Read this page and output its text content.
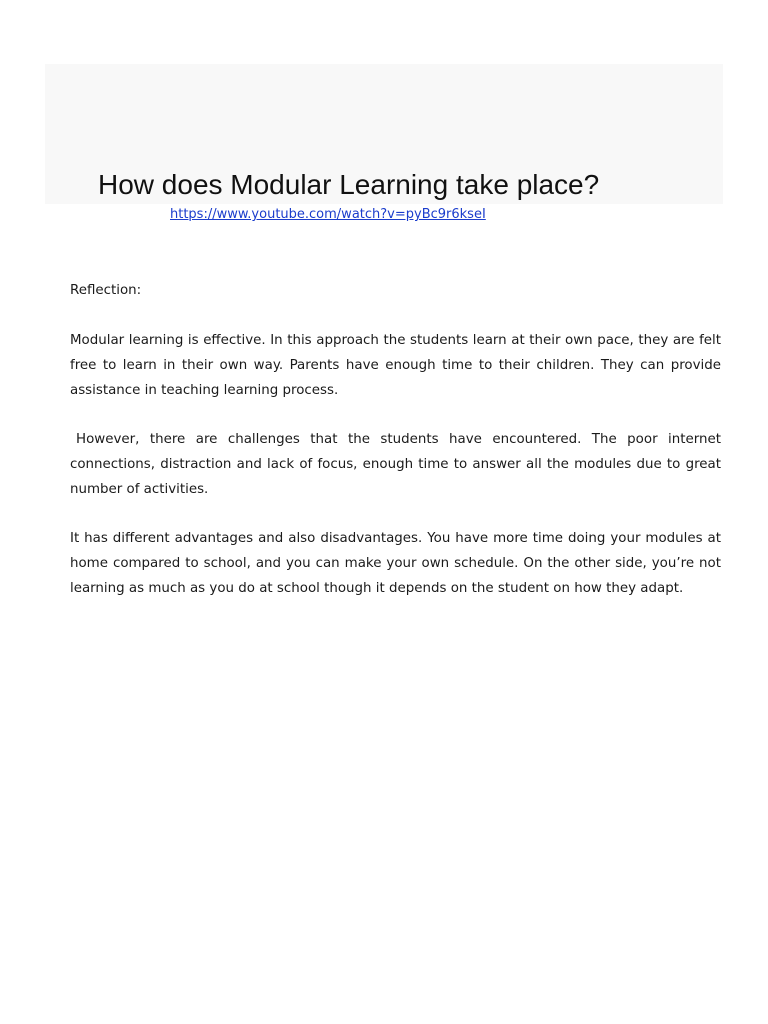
How does Modular Learning take place?
https://www.youtube.com/watch?v=pyBc9r6kseI

Reflection:

Modular learning is effective. In this approach the students learn at their own pace, they are felt free to learn in their own way. Parents have enough time to their children. They can provide assistance in teaching learning process.

However, there are challenges that the students have encountered. The poor internet connections, distraction and lack of focus, enough time to answer all the modules due to great number of activities.

It has different advantages and also disadvantages. You have more time doing your modules at home compared to school, and you can make your own schedule. On the other side, you’re not learning as much as you do at school though it depends on the student on how they adapt.
